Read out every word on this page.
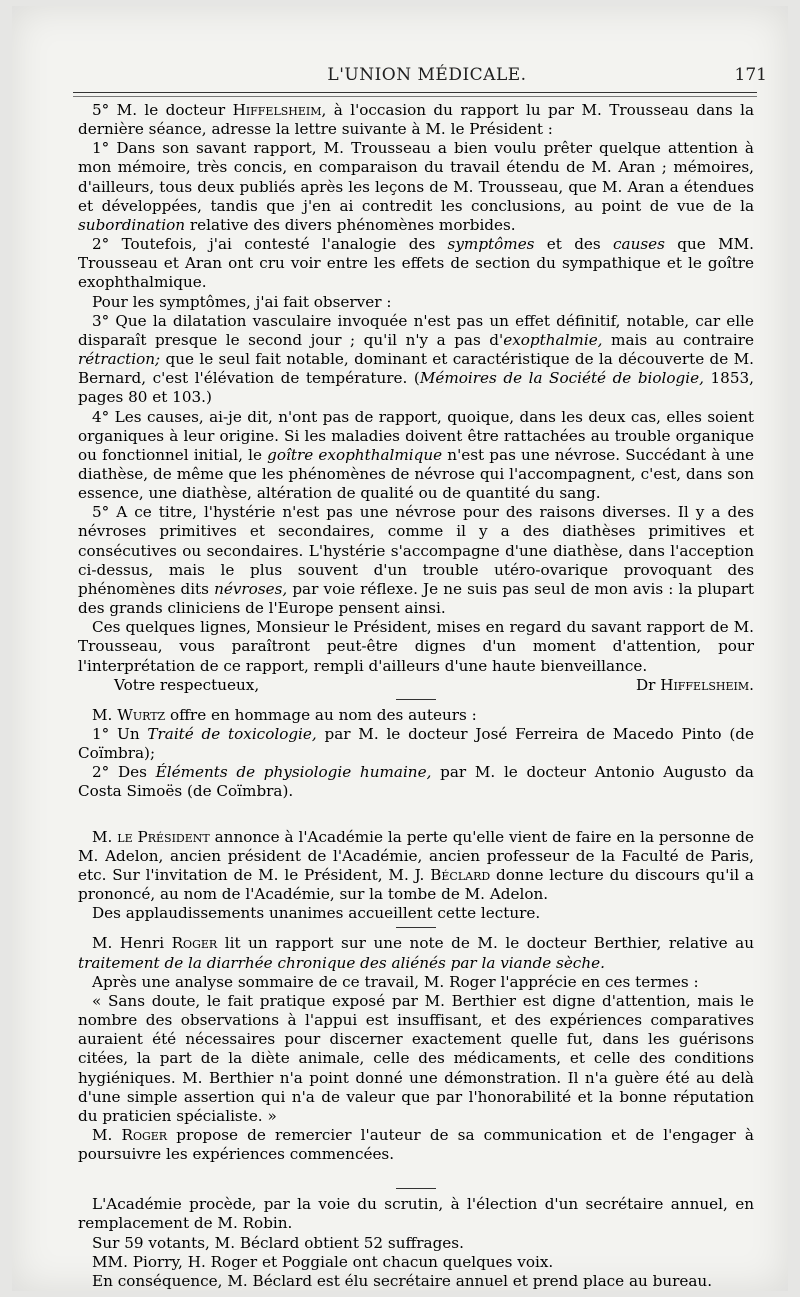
L'UNION MÉDICALE.	171

5° M. le docteur Hiffelsheim, à l'occasion du rapport lu par M. Trousseau dans la dernière séance, adresse la lettre suivante à M. le Président :

1° Dans son savant rapport, M. Trousseau a bien voulu prêter quelque attention à mon mémoire, très concis, en comparaison du travail étendu de M. Aran ; mémoires, d'ailleurs, tous deux publiés après les leçons de M. Trousseau, que M. Aran a étendues et développées, tandis que j'en ai contredit les conclusions, au point de vue de la subordination relative des divers phénomènes morbides.

2° Toutefois, j'ai contesté l'analogie des symptômes et des causes que MM. Trousseau et Aran ont cru voir entre les effets de section du sympathique et le goître exophthalmique.

Pour les symptômes, j'ai fait observer :

3° Que la dilatation vasculaire invoquée n'est pas un effet définitif, notable, car elle disparaît presque le second jour ; qu'il n'y a pas d'exopthalmie, mais au contraire rétraction; que le seul fait notable, dominant et caractéristique de la découverte de M. Bernard, c'est l'élévation de température. (Mémoires de la Société de biologie, 1853, pages 80 et 103.)

4° Les causes, ai-je dit, n'ont pas de rapport, quoique, dans les deux cas, elles soient organiques à leur origine. Si les maladies doivent être rattachées au trouble organique ou fonctionnel initial, le goître exophthalmique n'est pas une névrose. Succédant à une diathèse, de même que les phénomènes de névrose qui l'accompagnent, c'est, dans son essence, une diathèse, altération de qualité ou de quantité du sang.

5° A ce titre, l'hystérie n'est pas une névrose pour des raisons diverses. Il y a des névroses primitives et secondaires, comme il y a des diathèses primitives et consécutives ou secondaires. L'hystérie s'accompagne d'une diathèse, dans l'acception ci-dessus, mais le plus souvent d'un trouble utéro-ovarique provoquant des phénomènes dits névroses, par voie réflexe. Je ne suis pas seul de mon avis : la plupart des grands cliniciens de l'Europe pensent ainsi.

Ces quelques lignes, Monsieur le Président, mises en regard du savant rapport de M. Trousseau, vous paraîtront peut-être dignes d'un moment d'attention, pour l'interprétation de ce rapport, rempli d'ailleurs d'une haute bienveillance.

Votre respectueux,	Dr Hiffelsheim.

M. Wurtz offre en hommage au nom des auteurs :

1° Un Traité de toxicologie, par M. le docteur José Ferreira de Macedo Pinto (de Coïmbra);

2° Des Éléments de physiologie humaine, par M. le docteur Antonio Augusto da Costa Simoës (de Coïmbra).

M. le Président annonce à l'Académie la perte qu'elle vient de faire en la personne de M. Adelon, ancien président de l'Académie, ancien professeur de la Faculté de Paris, etc. Sur l'invitation de M. le Président, M. J. Béclard donne lecture du discours qu'il a prononcé, au nom de l'Académie, sur la tombe de M. Adelon.

Des applaudissements unanimes accueillent cette lecture.

M. Henri Roger lit un rapport sur une note de M. le docteur Berthier, relative au traitement de la diarrhée chronique des aliénés par la viande sèche.

Après une analyse sommaire de ce travail, M. Roger l'apprécie en ces termes :

« Sans doute, le fait pratique exposé par M. Berthier est digne d'attention, mais le nombre des observations à l'appui est insuffisant, et des expériences comparatives auraient été nécessaires pour discerner exactement quelle fut, dans les guérisons citées, la part de la diète animale, celle des médicaments, et celle des conditions hygiéniques. M. Berthier n'a point donné une démonstration. Il n'a guère été au delà d'une simple assertion qui n'a de valeur que par l'honorabilité et la bonne réputation du praticien spécialiste. »

M. Roger propose de remercier l'auteur de sa communication et de l'engager à poursuivre les expériences commencées.

L'Académie procède, par la voie du scrutin, à l'élection d'un secrétaire annuel, en remplacement de M. Robin.

Sur 59 votants, M. Béclard obtient 52 suffrages.

MM. Piorry, H. Roger et Poggiale ont chacun quelques voix.

En conséquence, M. Béclard est élu secrétaire annuel et prend place au bureau.
